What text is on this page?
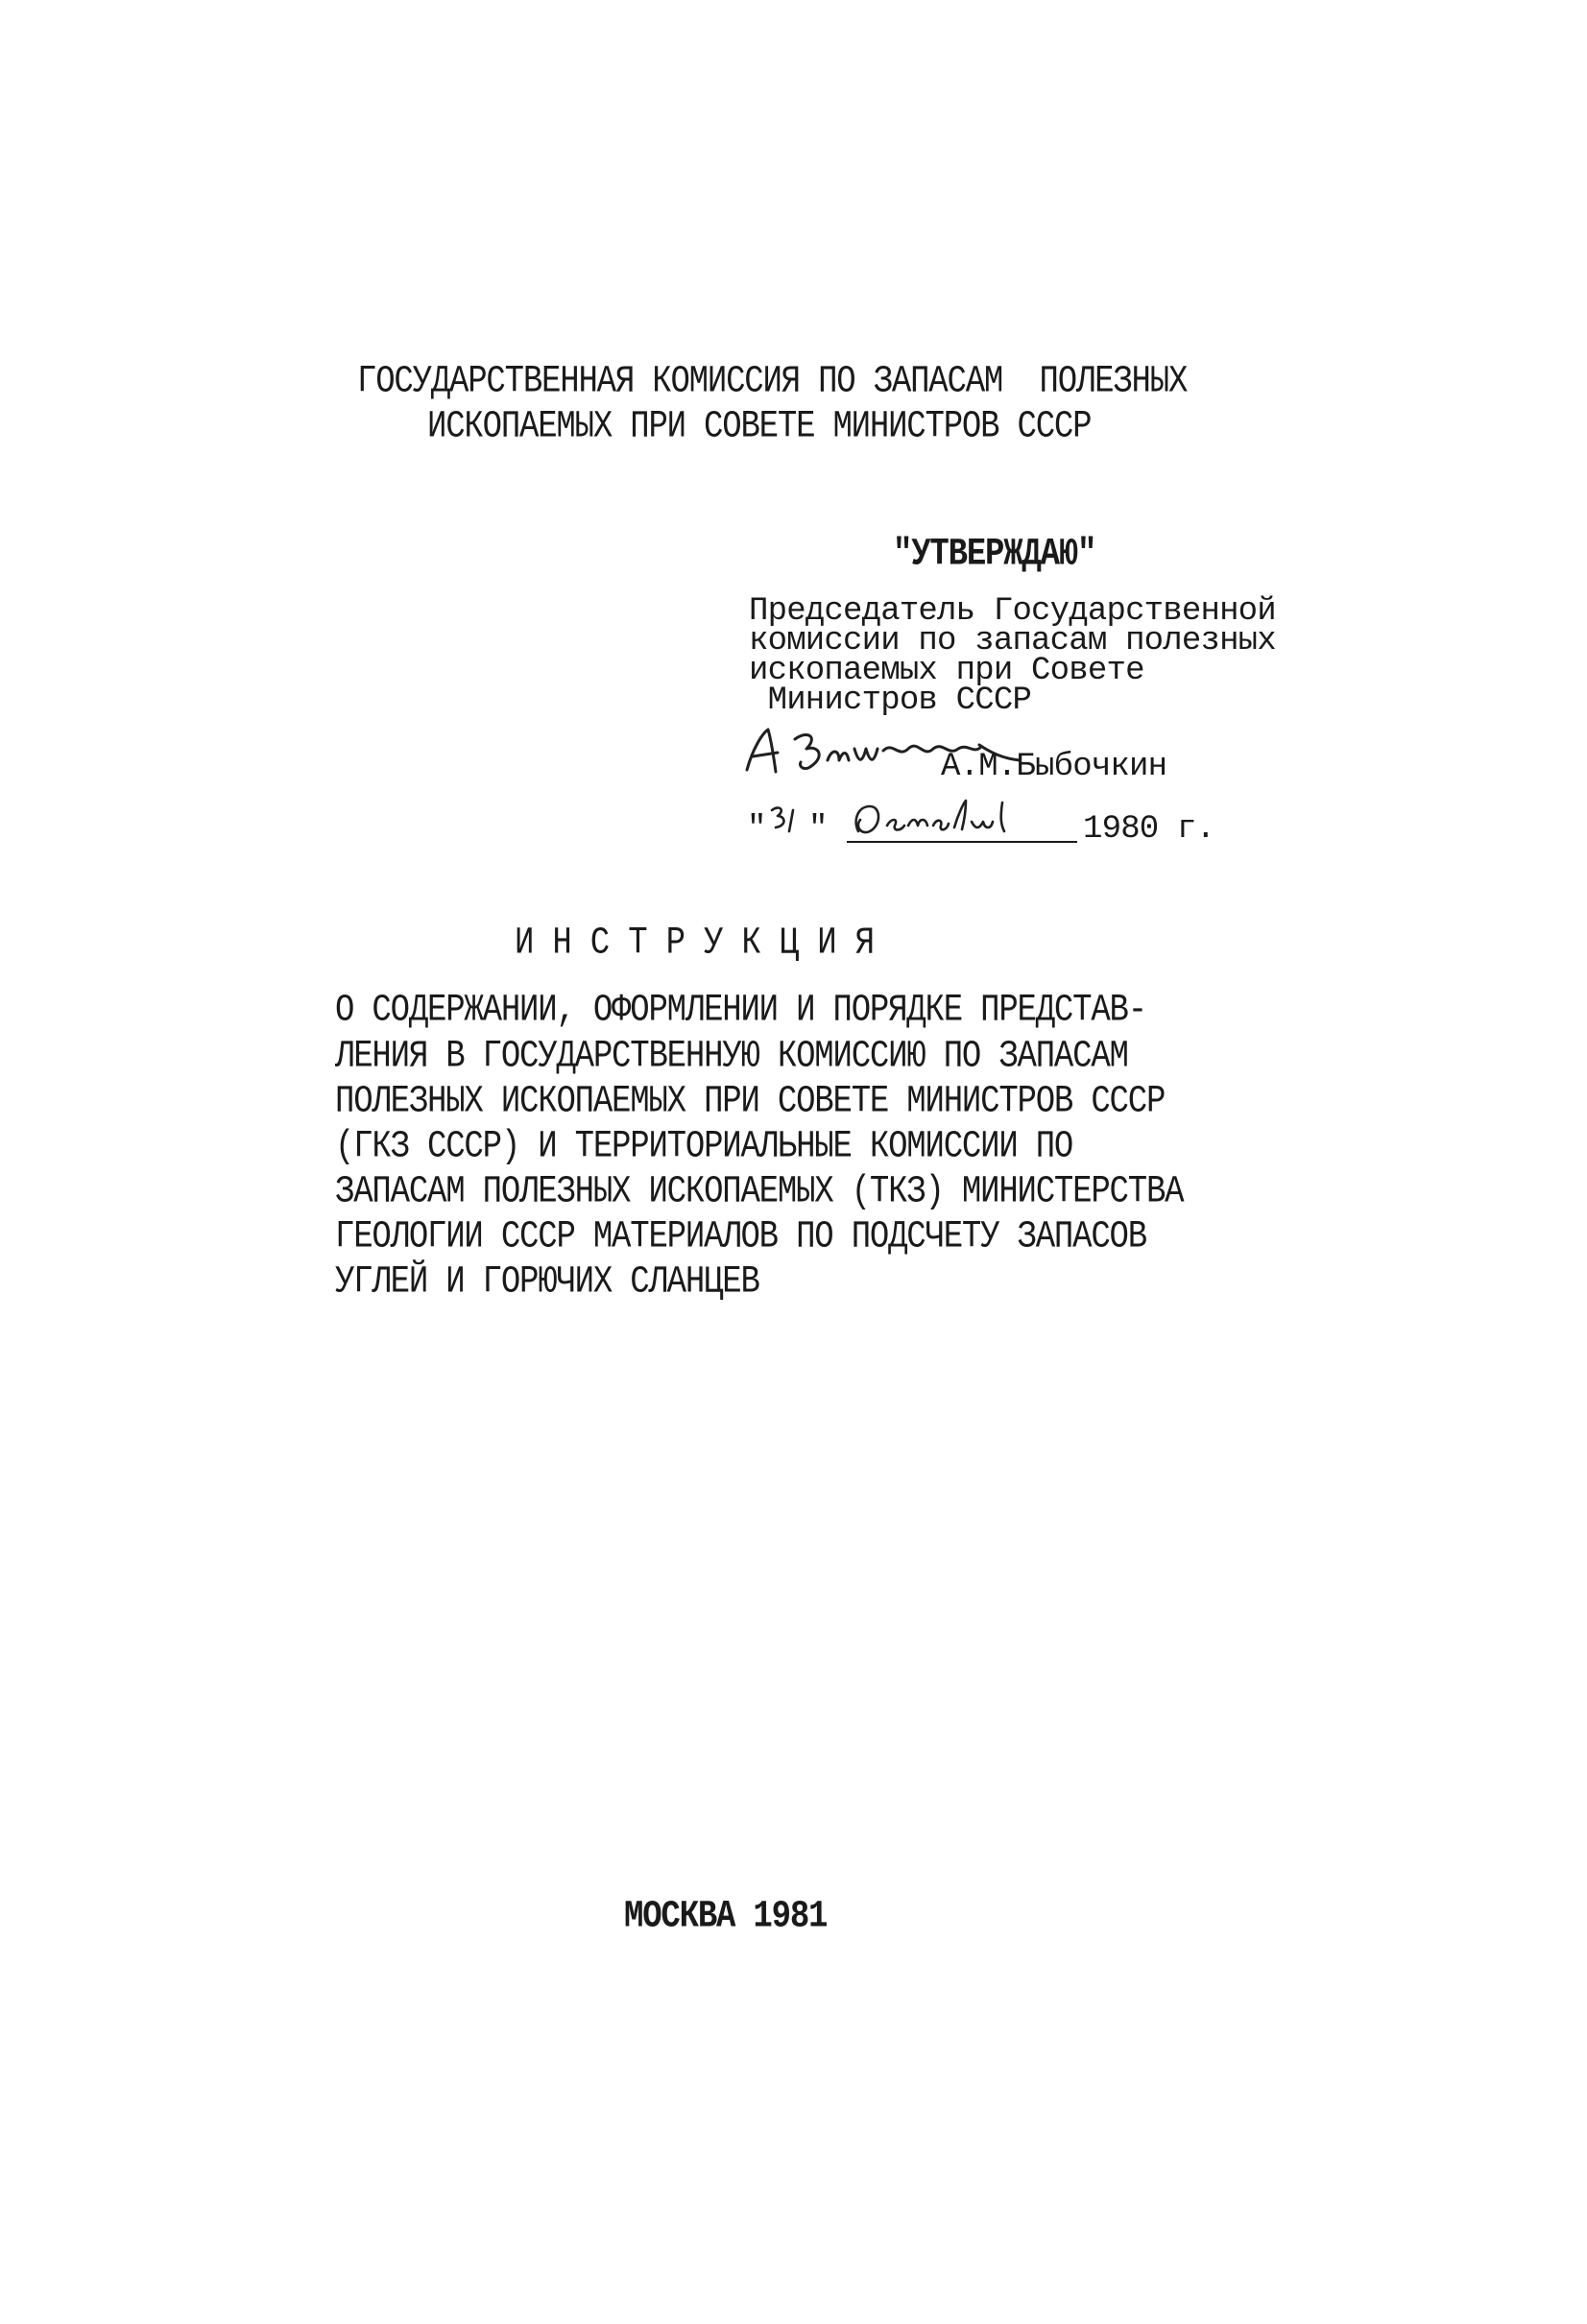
ГОСУДАРСТВЕННАЯ КОМИССИЯ ПО ЗАПАСАМ  ПОЛЕЗНЫХ
ИСКОПАЕМЫХ ПРИ СОВЕТЕ МИНИСТРОВ СССР
"УТВЕРЖДАЮ"
Председатель Государственной
комиссии по запасам полезных
ископаемых при Совете
Министров СССР
А.М.Быбочкин
" "	1980 г.
ИНСТРУКЦИЯ
О СОДЕРЖАНИИ, ОФОРМЛЕНИИ И ПОРЯДКЕ ПРЕДСТАВ-
ЛЕНИЯ В ГОСУДАРСТВЕННУЮ КОМИССИЮ ПО ЗАПАСАМ
ПОЛЕЗНЫХ ИСКОПАЕМЫХ ПРИ СОВЕТЕ МИНИСТРОВ СССР
(ГКЗ СССР) И ТЕРРИТОРИАЛЬНЫЕ КОМИССИИ ПО
ЗАПАСАМ ПОЛЕЗНЫХ ИСКОПАЕМЫХ (ТКЗ) МИНИСТЕРСТВА
ГЕОЛОГИИ СССР МАТЕРИАЛОВ ПО ПОДСЧЕТУ ЗАПАСОВ
УГЛЕЙ И ГОРЮЧИХ СЛАНЦЕВ
МОСКВА 1981
